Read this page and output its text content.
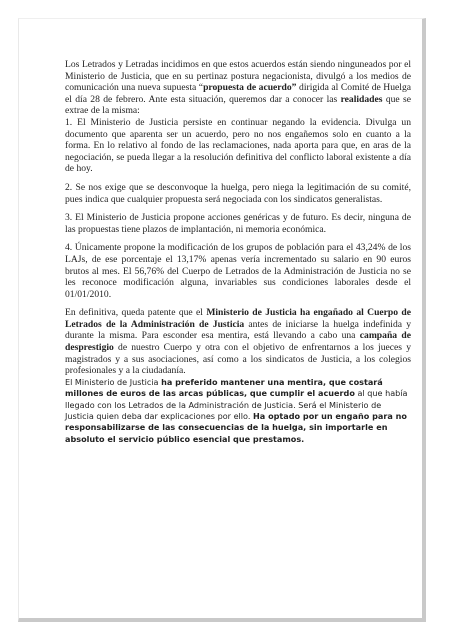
Los Letrados y Letradas incidimos en que estos acuerdos están siendo ninguneados por el Ministerio de Justicia, que en su pertinaz postura negacionista, divulgó a los medios de comunicación una nueva supuesta “propuesta de acuerdo” dirigida al Comité de Huelga el día 28 de febrero. Ante esta situación, queremos dar a conocer las realidades que se extrae de la misma:

1. El Ministerio de Justicia persiste en continuar negando la evidencia. Divulga un documento que aparenta ser un acuerdo, pero no nos engañemos solo en cuanto a la forma. En lo relativo al fondo de las reclamaciones, nada aporta para que, en aras de la negociación, se pueda llegar a la resolución definitiva del conflicto laboral existente a día de hoy.

2. Se nos exige que se desconvoque la huelga, pero niega la legitimación de su comité, pues indica que cualquier propuesta será negociada con los sindicatos generalistas.

3. El Ministerio de Justicia propone acciones genéricas y de futuro. Es decir, ninguna de las propuestas tiene plazos de implantación, ni memoria económica.

4. Únicamente propone la modificación de los grupos de población para el 43,24% de los LAJs, de ese porcentaje el 13,17% apenas vería incrementado su salario en 90 euros brutos al mes. El 56,76% del Cuerpo de Letrados de la Administración de Justicia no se les reconoce modificación alguna, invariables sus condiciones laborales desde el 01/01/2010.

En definitiva, queda patente que el Ministerio de Justicia ha engañado al Cuerpo de Letrados de la Administración de Justicia antes de iniciarse la huelga indefinida y durante la misma. Para esconder esa mentira, está llevando a cabo una campaña de desprestigio de nuestro Cuerpo y otra con el objetivo de enfrentarnos a los jueces y magistrados y a sus asociaciones, así como a los sindicatos de Justicia, a los colegios profesionales y a la ciudadanía.

El Ministerio de Justicia ha preferido mantener una mentira, que costará millones de euros de las arcas públicas, que cumplir el acuerdo al que había llegado con los Letrados de la Administración de Justicia. Será el Ministerio de Justicia quien deba dar explicaciones por ello. Ha optado por un engaño para no responsabilizarse de las consecuencias de la huelga, sin importarle en absoluto el servicio público esencial que prestamos.
